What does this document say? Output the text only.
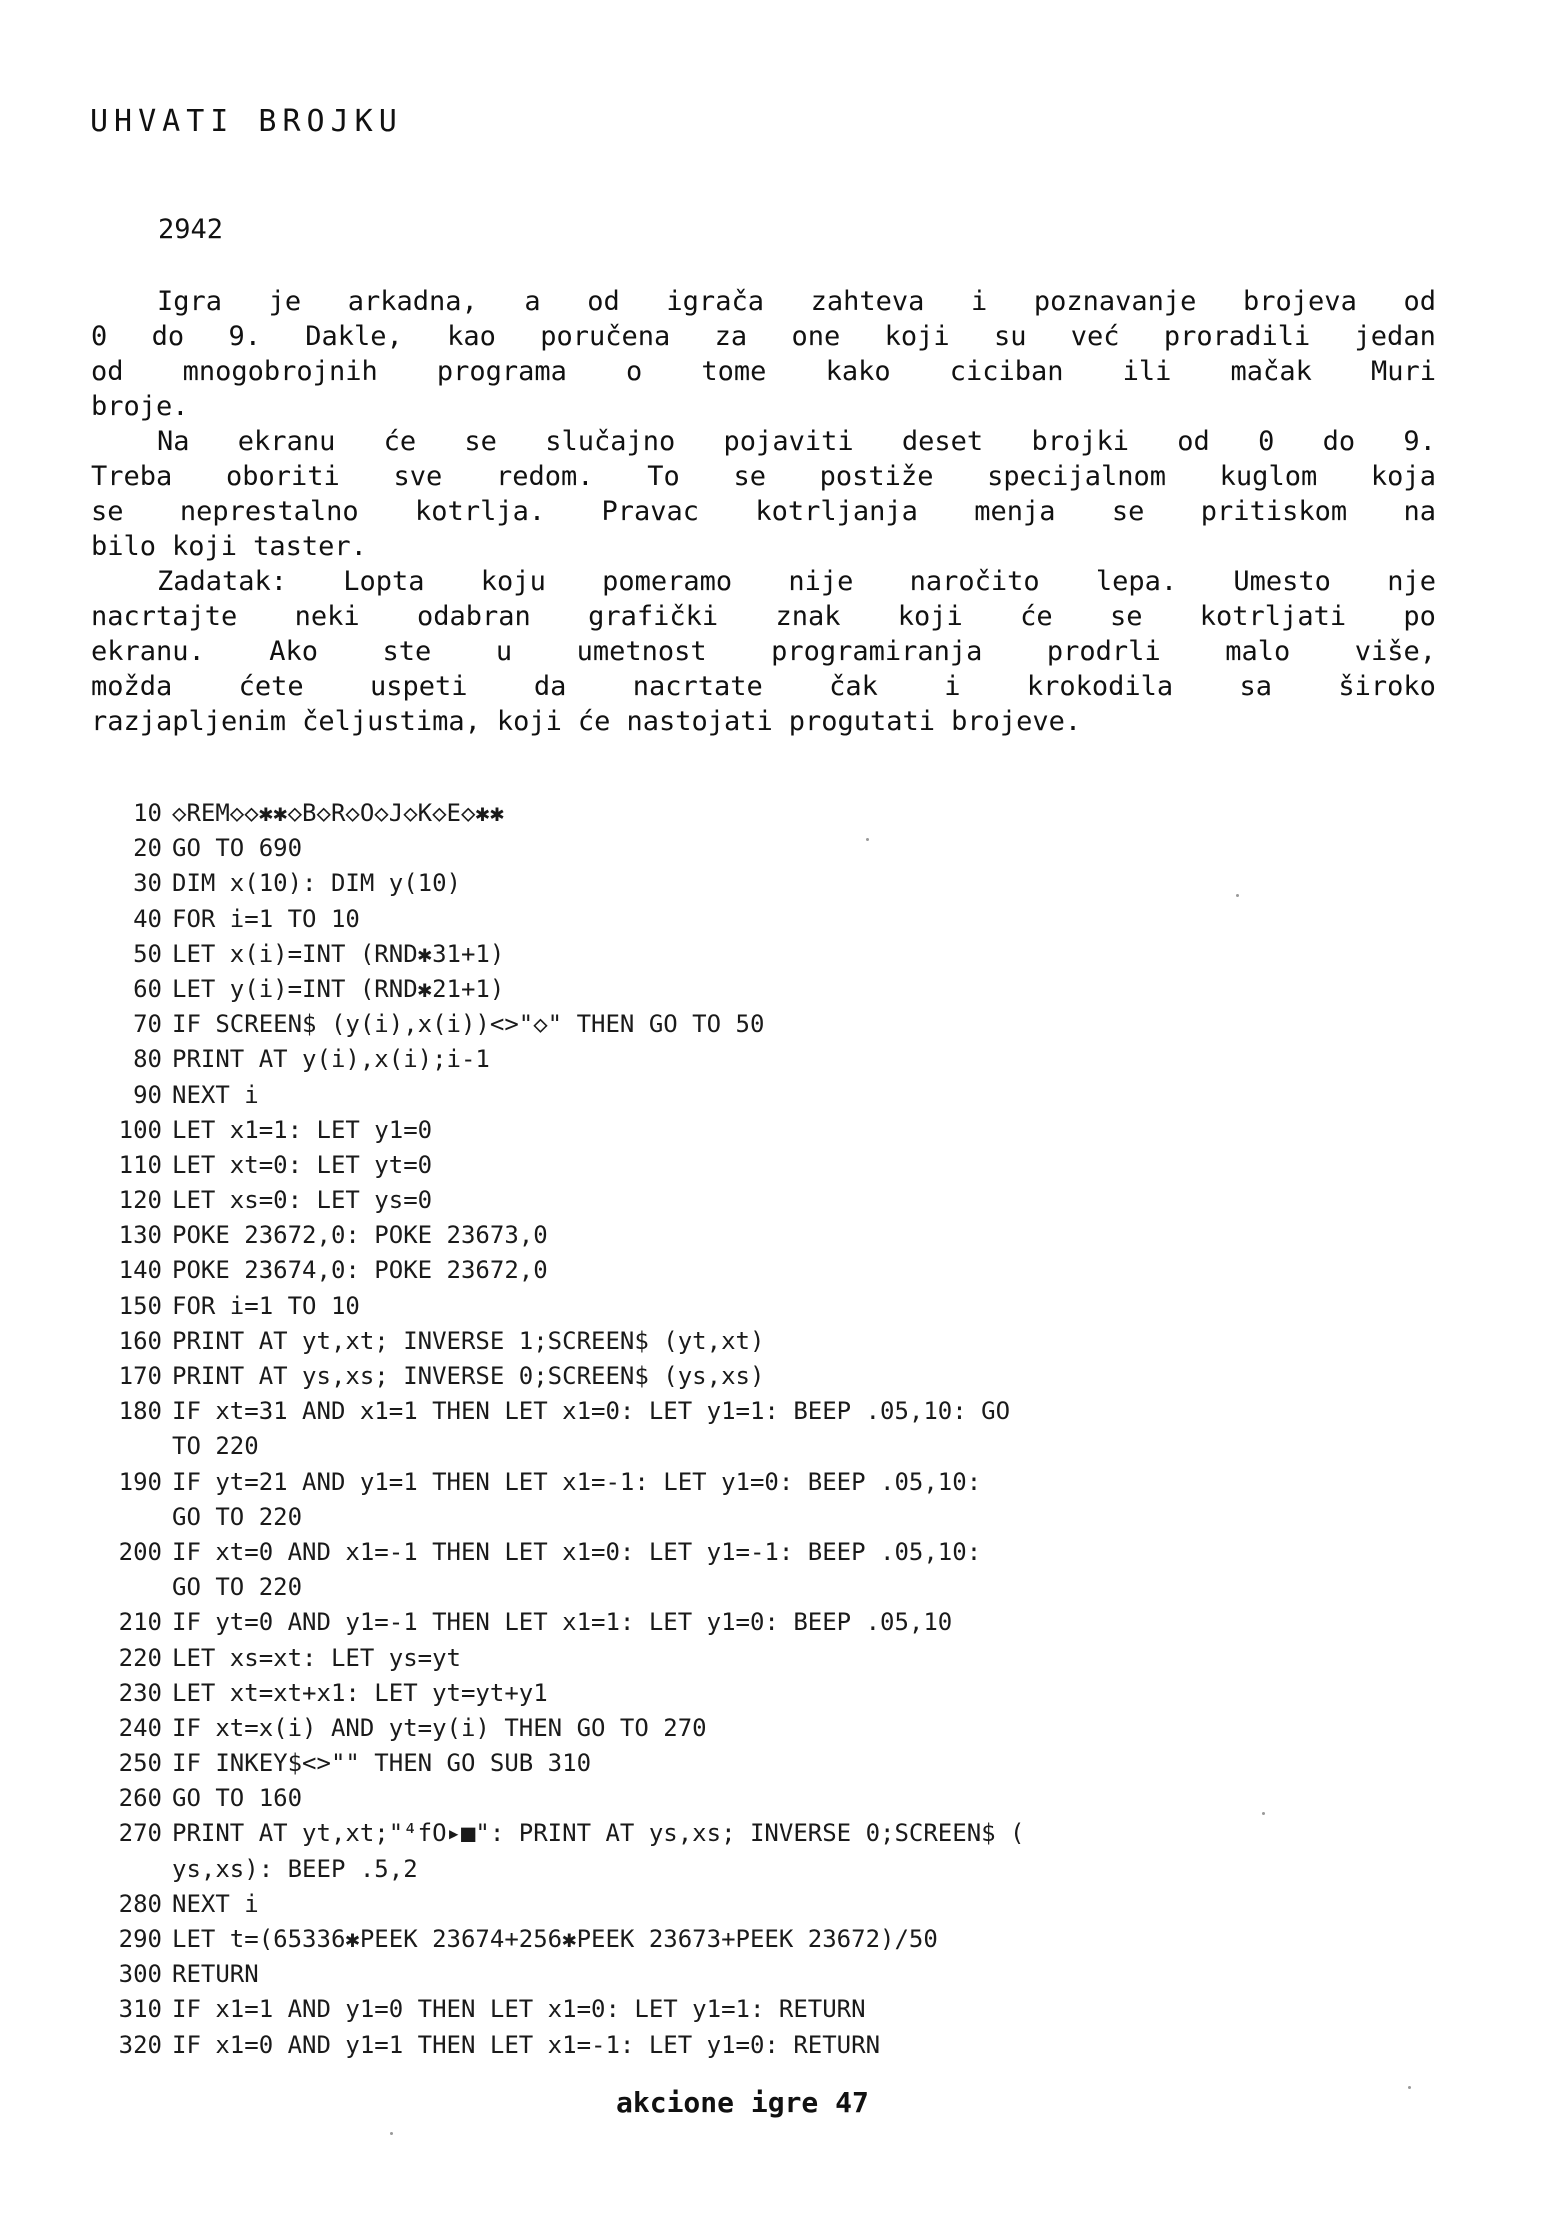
UHVATI BROJKU
2942
Igra je arkadna, a od igrača zahteva i poznavanje brojeva od
0 do 9. Dakle, kao poručena za one koji su već proradili jedan
od mnogobrojnih programa o tome kako ciciban ili mačak Muri
broje.
Na ekranu će se slučajno pojaviti deset brojki od 0 do 9.
Treba oboriti sve redom. To se postiže specijalnom kuglom koja
se neprestalno kotrlja. Pravac kotrljanja menja se pritiskom na
bilo koji taster.
Zadatak: Lopta koju pomeramo nije naročito lepa. Umesto nje
nacrtajte neki odabran grafički znak koji će se kotrljati po
ekranu. Ako ste u umetnost programiranja prodrli malo više,
možda ćete uspeti da nacrtate čak i krokodila sa široko
razjapljenim čeljustima, koji će nastojati progutati brojeve.
10 ◇REM◇◇✱✱◇B◇R◇O◇J◇K◇E◇✱✱
20 GO TO 690
30 DIM x(10): DIM y(10)
40 FOR i=1 TO 10
50 LET x(i)=INT (RND✱31+1)
60 LET y(i)=INT (RND✱21+1)
70 IF SCREEN$ (y(i),x(i))<>"◇" THEN GO TO 50
80 PRINT AT y(i),x(i);i-1
90 NEXT i
100 LET x1=1: LET y1=0
110 LET xt=0: LET yt=0
120 LET xs=0: LET ys=0
130 POKE 23672,0: POKE 23673,0
140 POKE 23674,0: POKE 23672,0
150 FOR i=1 TO 10
160 PRINT AT yt,xt; INVERSE 1;SCREEN$ (yt,xt)
170 PRINT AT ys,xs; INVERSE 0;SCREEN$ (ys,xs)
180 IF xt=31 AND x1=1 THEN LET x1=0: LET y1=1: BEEP .05,10: GO
TO 220
190 IF yt=21 AND y1=1 THEN LET x1=-1: LET y1=0: BEEP .05,10:
GO TO 220
200 IF xt=0 AND x1=-1 THEN LET x1=0: LET y1=-1: BEEP .05,10:
GO TO 220
210 IF yt=0 AND y1=-1 THEN LET x1=1: LET y1=0: BEEP .05,10
220 LET xs=xt: LET ys=yt
230 LET xt=xt+x1: LET yt=yt+y1
240 IF xt=x(i) AND yt=y(i) THEN GO TO 270
250 IF INKEY$<>"" THEN GO SUB 310
260 GO TO 160
270 PRINT AT yt,xt;"⁴fO▸■": PRINT AT ys,xs; INVERSE 0;SCREEN$ (
ys,xs): BEEP .5,2
280 NEXT i
290 LET t=(65336✱PEEK 23674+256✱PEEK 23673+PEEK 23672)/50
300 RETURN
310 IF x1=1 AND y1=0 THEN LET x1=0: LET y1=1: RETURN
320 IF x1=0 AND y1=1 THEN LET x1=-1: LET y1=0: RETURN
akcione igre 47
